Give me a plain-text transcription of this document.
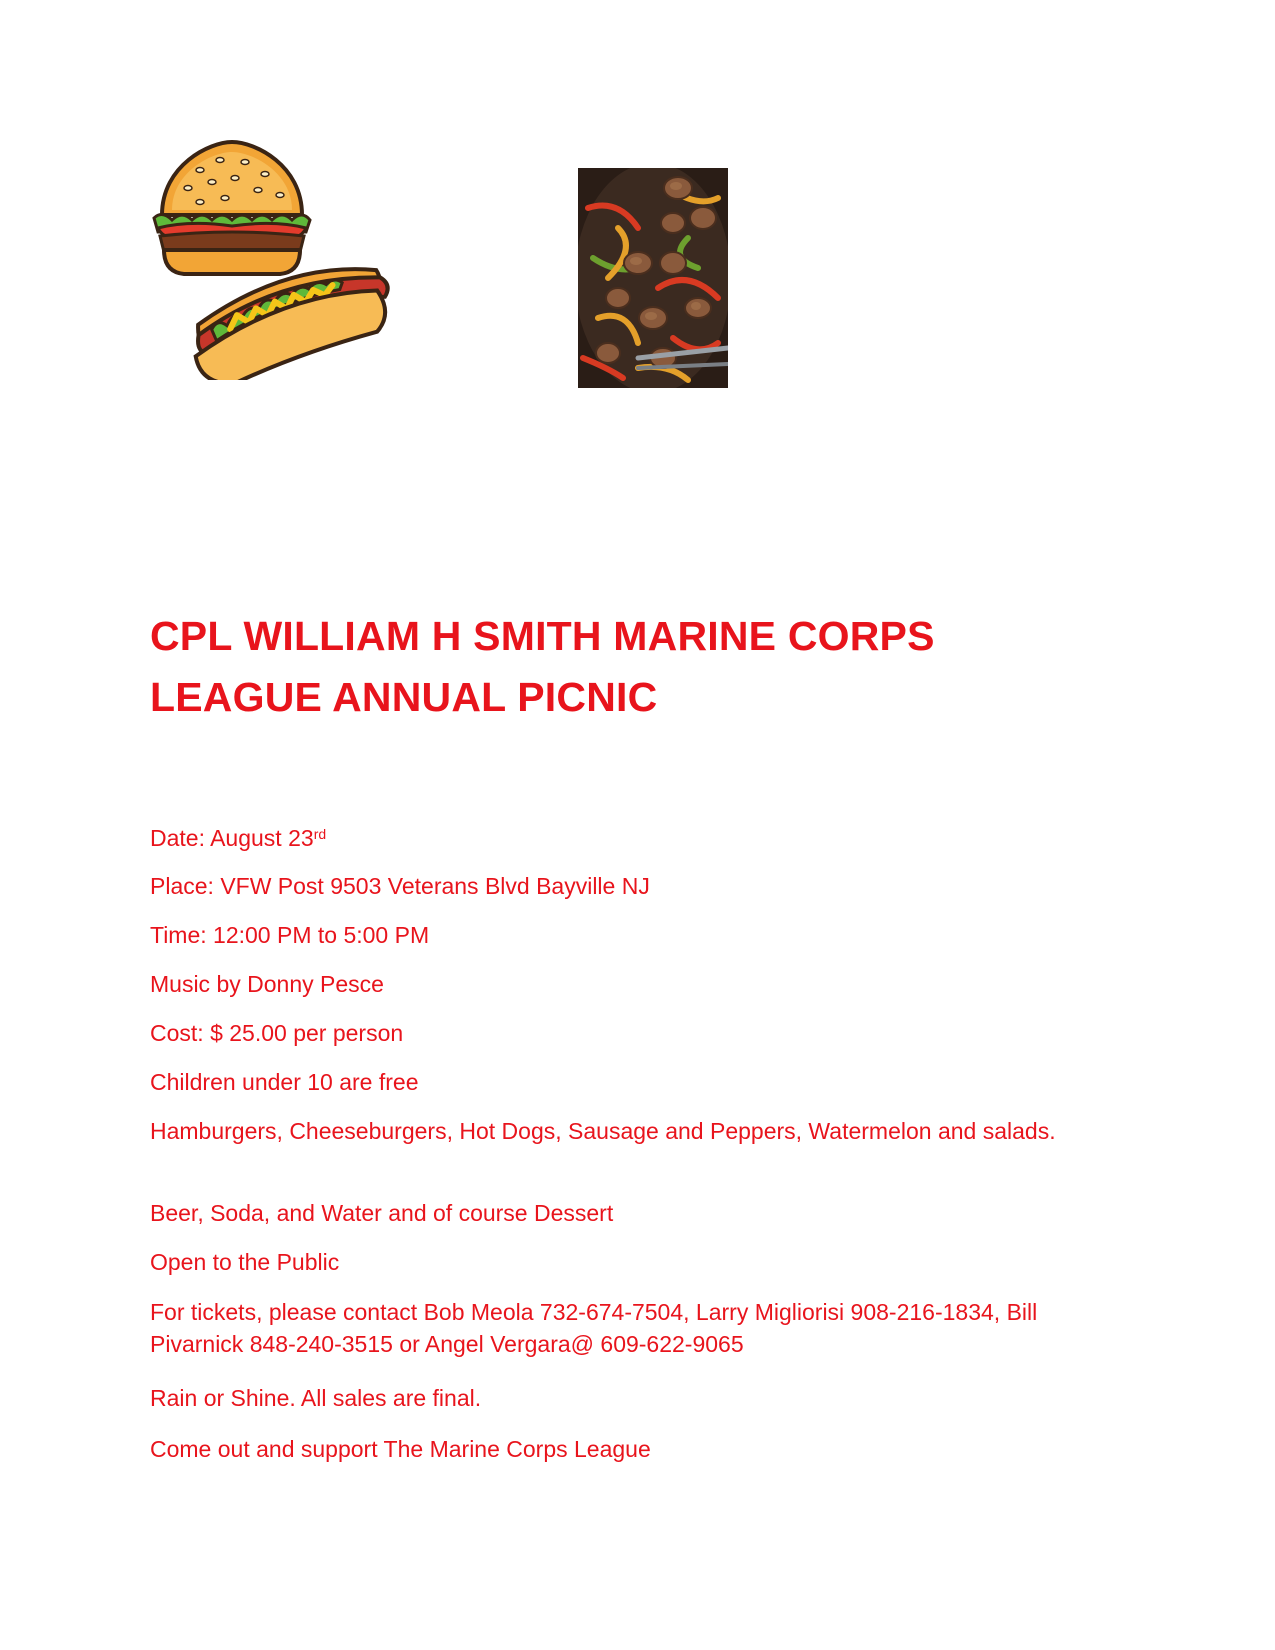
CPL WILLIAM H SMITH MARINE CORPS
LEAGUE ANNUAL PICNIC
Date: August 23rd
Place: VFW Post 9503 Veterans Blvd Bayville NJ
Time: 12:00 PM to 5:00 PM
Music by Donny Pesce
Cost: $ 25.00 per person
Children under 10 are free
Hamburgers, Cheeseburgers, Hot Dogs, Sausage and Peppers, Watermelon and salads.
Beer, Soda, and Water and of course Dessert
Open to the Public
For tickets, please contact Bob Meola 732-674-7504, Larry Migliorisi 908-216-1834, Bill Pivarnick 848-240-3515 or Angel Vergara@ 609-622-9065
Rain or Shine. All sales are final.
Come out and support The Marine Corps League
